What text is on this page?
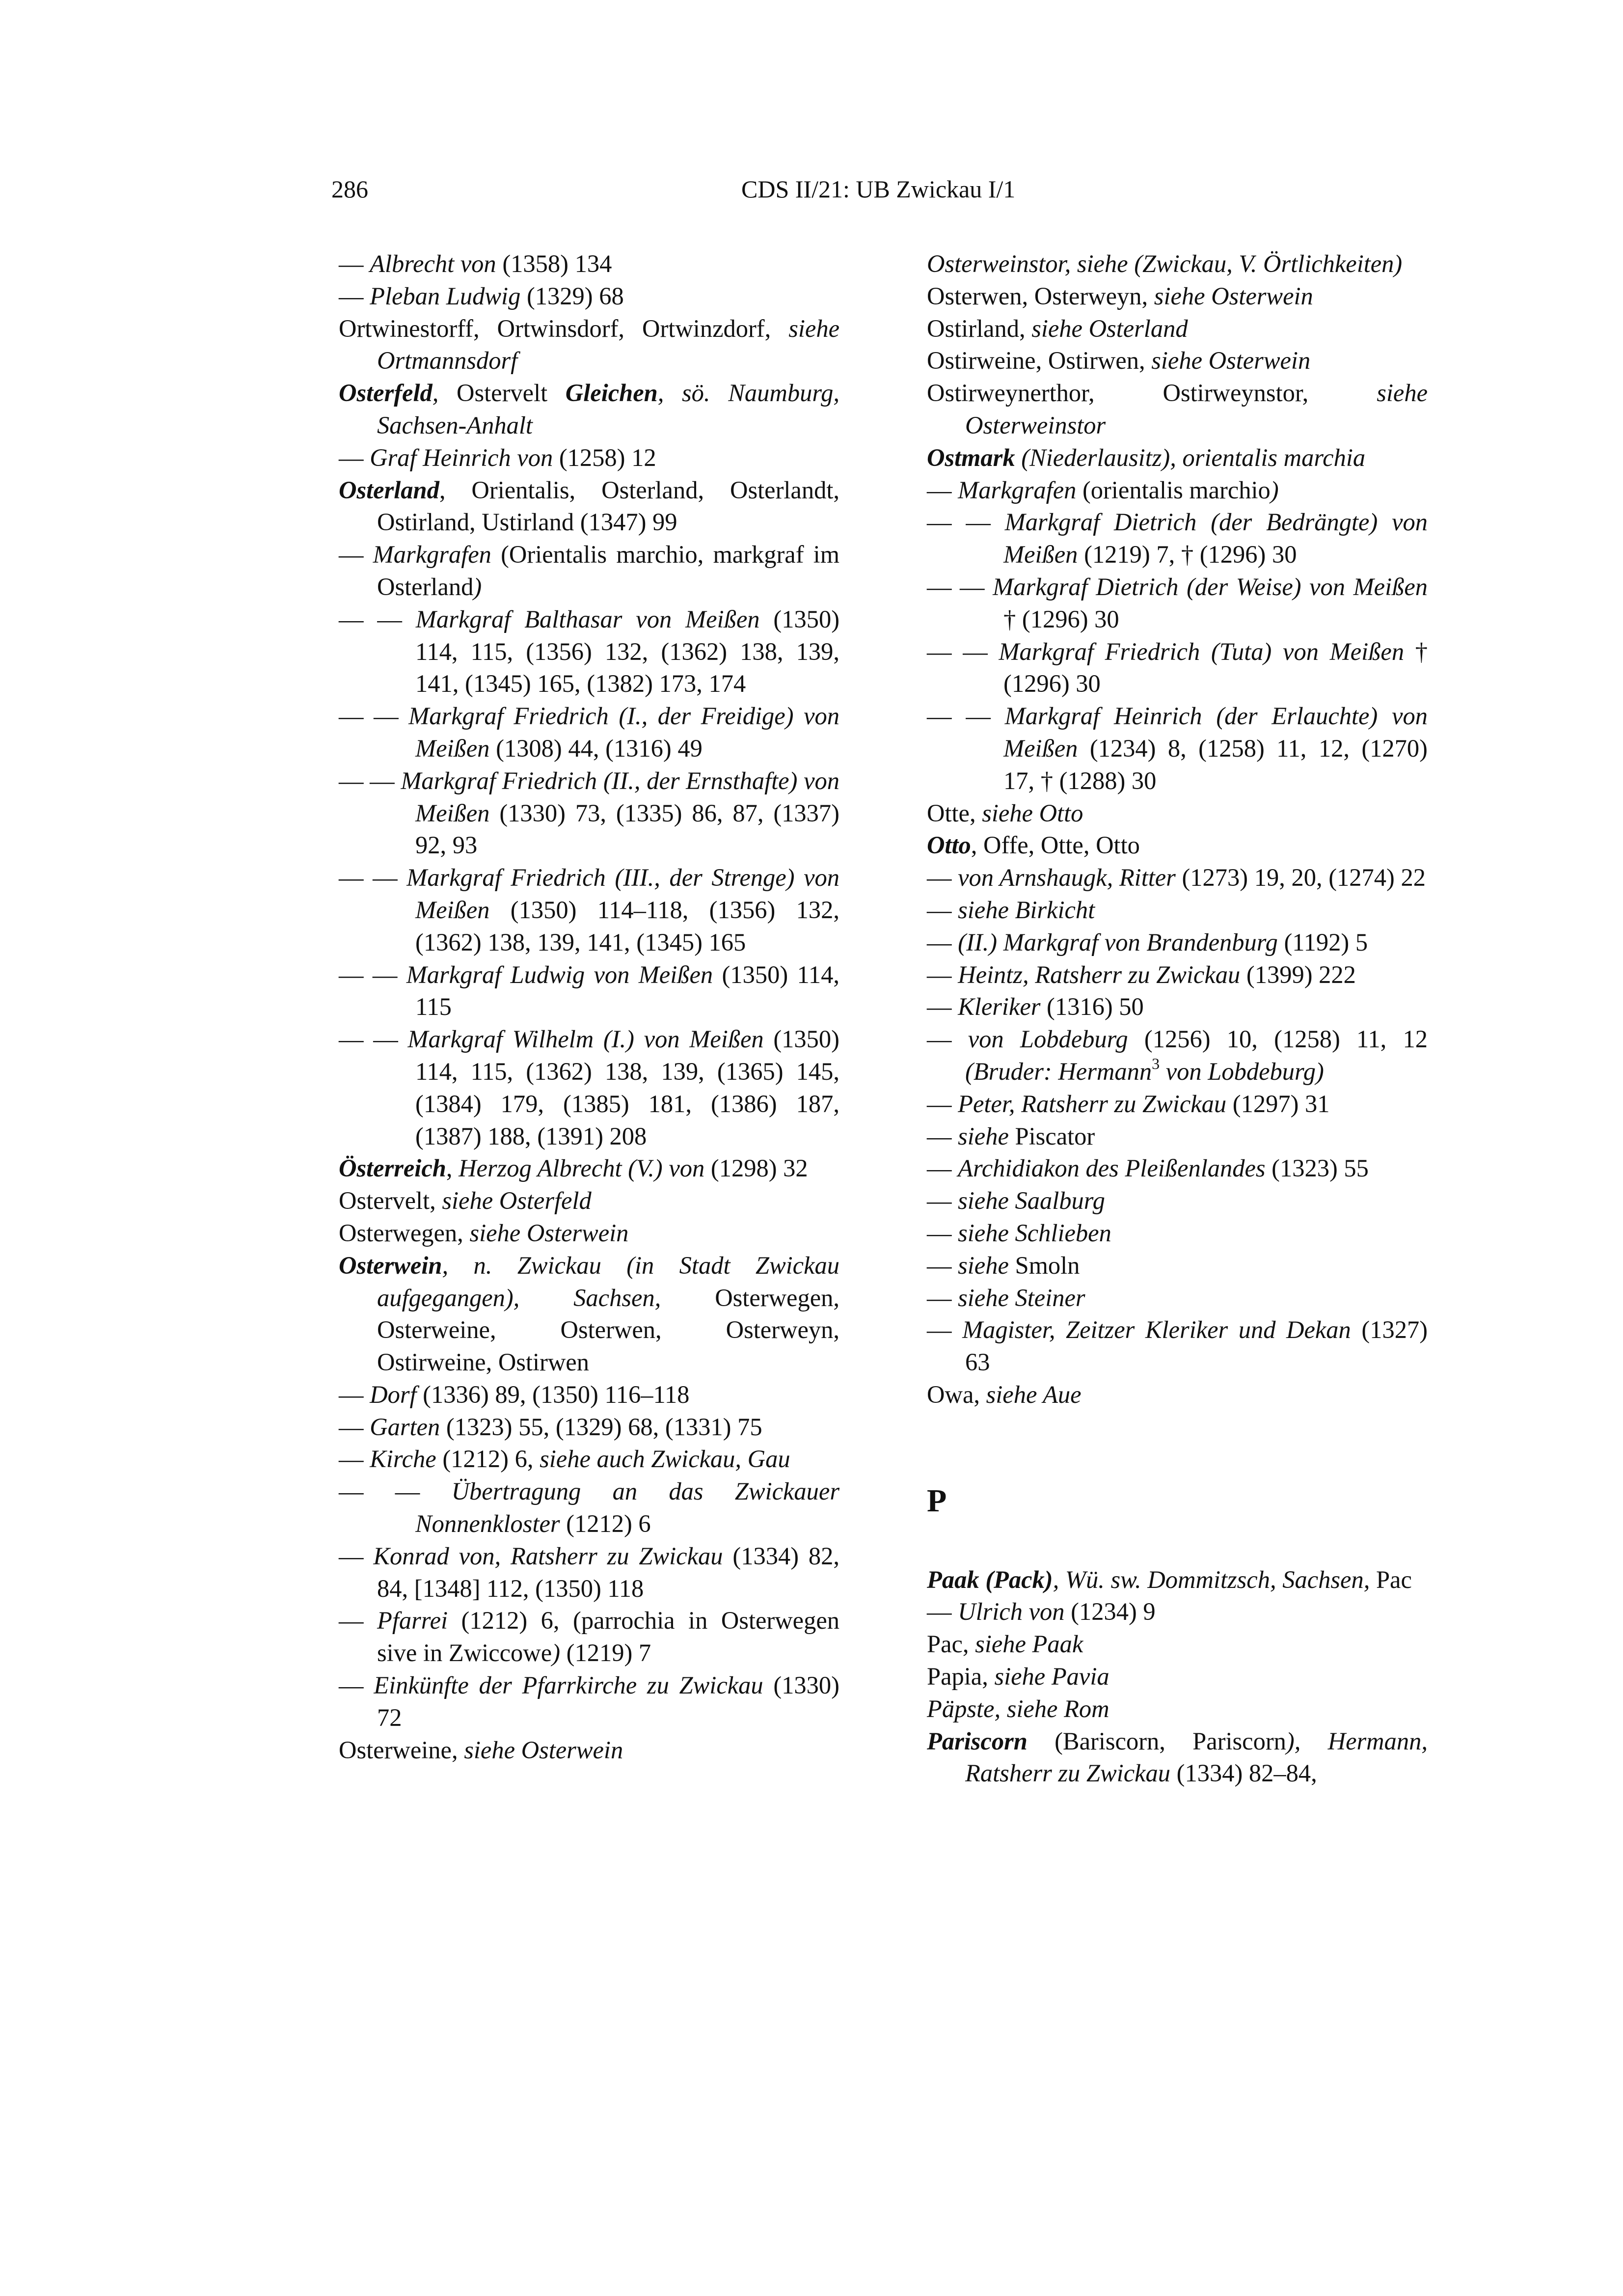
286	CDS II/21: UB Zwickau I/1
— Albrecht von (1358) 134
— Pleban Ludwig (1329) 68
Ortwinestorff, Ortwinsdorf, Ortwinzdorf, siehe Ortmannsdorf
Osterfeld, Ostervelt Gleichen, sö. Naumburg, Sachsen-Anhalt
— Graf Heinrich von (1258) 12
Osterland, Orientalis, Osterland, Osterlandt, Ostirland, Ustirland (1347) 99
— Markgrafen (Orientalis marchio, markgraf im Osterland)
— — Markgraf Balthasar von Meißen (1350) 114, 115, (1356) 132, (1362) 138, 139, 141, (1345) 165, (1382) 173, 174
— — Markgraf Friedrich (I., der Freidige) von Meißen (1308) 44, (1316) 49
— — Markgraf Friedrich (II., der Ernsthafte) von Meißen (1330) 73, (1335) 86, 87, (1337) 92, 93
— — Markgraf Friedrich (III., der Strenge) von Meißen (1350) 114–118, (1356) 132, (1362) 138, 139, 141, (1345) 165
— — Markgraf Ludwig von Meißen (1350) 114, 115
— — Markgraf Wilhelm (I.) von Meißen (1350) 114, 115, (1362) 138, 139, (1365) 145, (1384) 179, (1385) 181, (1386) 187, (1387) 188, (1391) 208
Österreich, Herzog Albrecht (V.) von (1298) 32
Ostervelt, siehe Osterfeld
Osterwegen, siehe Osterwein
Osterwein, n. Zwickau (in Stadt Zwickau aufgegangen), Sachsen, Osterwegen, Osterweine, Osterwen, Osterweyn, Ostirweine, Ostirwen
— Dorf (1336) 89, (1350) 116–118
— Garten (1323) 55, (1329) 68, (1331) 75
— Kirche (1212) 6, siehe auch Zwickau, Gau
— — Übertragung an das Zwickauer Nonnenkloster (1212) 6
— Konrad von, Ratsherr zu Zwickau (1334) 82, 84, [1348] 112, (1350) 118
— Pfarrei (1212) 6, (parrochia in Osterwegen sive in Zwiccowe) (1219) 7
— Einkünfte der Pfarrkirche zu Zwickau (1330) 72
Osterweine, siehe Osterwein
Osterweinstor, siehe (Zwickau, V. Örtlichkeiten)
Osterwen, Osterweyn, siehe Osterwein
Ostirland, siehe Osterland
Ostirweine, Ostirwen, siehe Osterwein
Ostirweynerthor, Ostirweynstor, siehe Osterweinstor
Ostmark (Niederlausitz), orientalis marchia
— Markgrafen (orientalis marchio)
— — Markgraf Dietrich (der Bedrängte) von Meißen (1219) 7, † (1296) 30
— — Markgraf Dietrich (der Weise) von Meißen † (1296) 30
— — Markgraf Friedrich (Tuta) von Meißen † (1296) 30
— — Markgraf Heinrich (der Erlauchte) von Meißen (1234) 8, (1258) 11, 12, (1270) 17, † (1288) 30
Otte, siehe Otto
Otto, Offe, Otte, Otto
— von Arnshaugk, Ritter (1273) 19, 20, (1274) 22
— siehe Birkicht
— (II.) Markgraf von Brandenburg (1192) 5
— Heintz, Ratsherr zu Zwickau (1399) 222
— Kleriker (1316) 50
— von Lobdeburg (1256) 10, (1258) 11, 12 (Bruder: Hermann$^3$ von Lobdeburg)
— Peter, Ratsherr zu Zwickau (1297) 31
— siehe Piscator
— Archidiakon des Pleißenlandes (1323) 55
— siehe Saalburg
— siehe Schlieben
— siehe Smoln
— siehe Steiner
— Magister, Zeitzer Kleriker und Dekan (1327) 63
Owa, siehe Aue
P
Paak (Pack), Wü. sw. Dommitzsch, Sachsen, Pac
— Ulrich von (1234) 9
Pac, siehe Paak
Papia, siehe Pavia
Päpste, siehe Rom
Pariscorn (Bariscorn, Pariscorn), Hermann, Ratsherr zu Zwickau (1334) 82–84,
